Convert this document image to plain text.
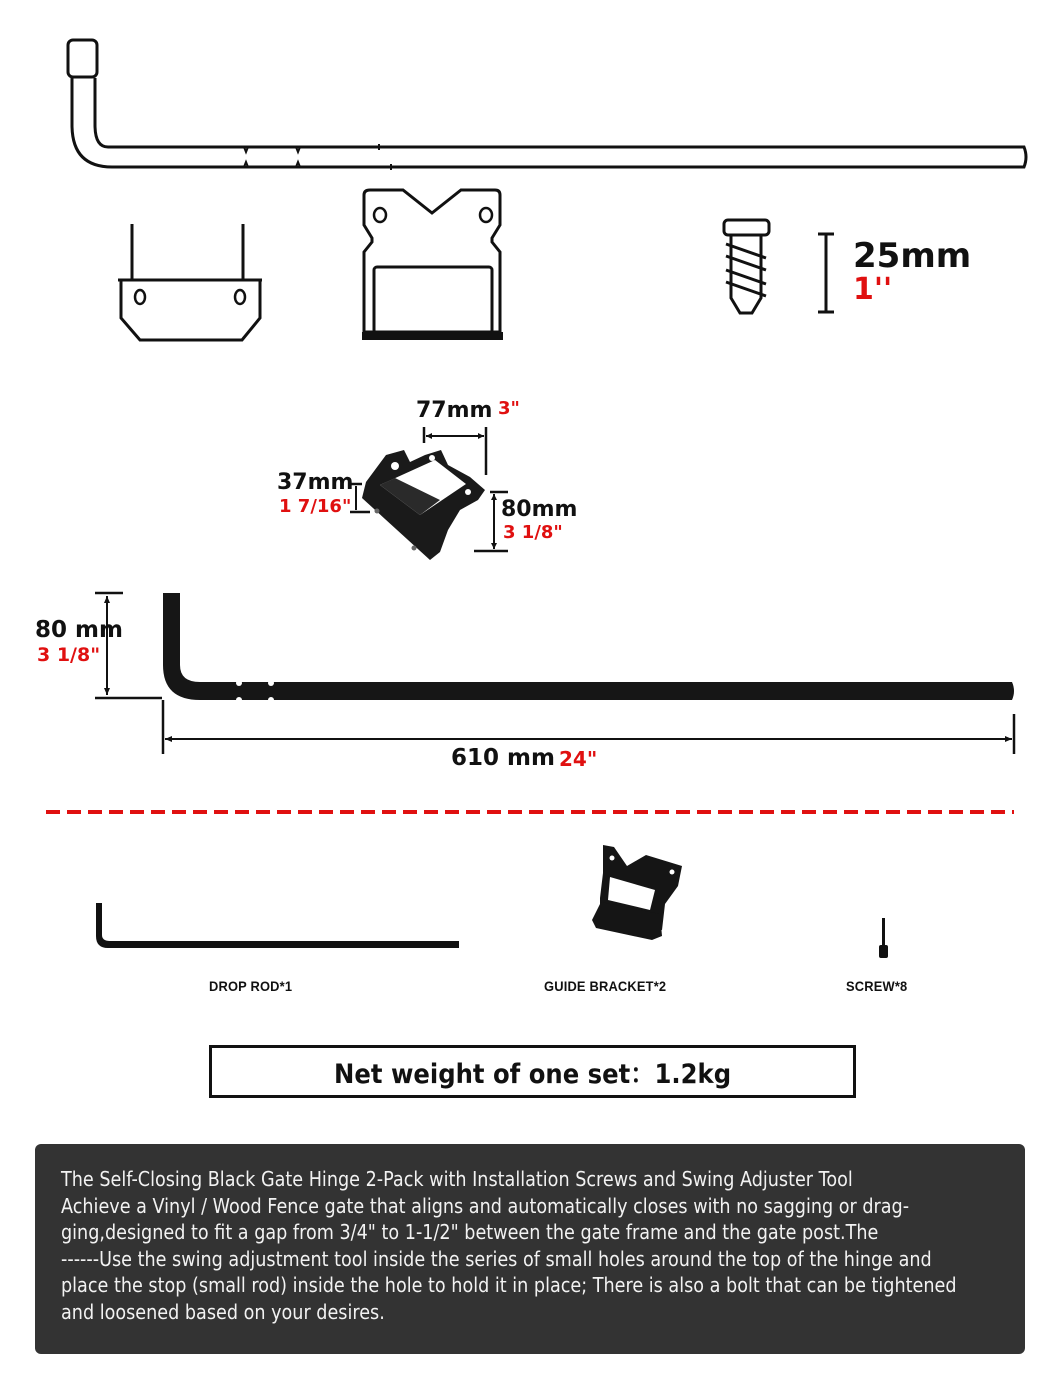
25mm
1''
77mm 3"
37mm
1 7/16"	80mm
3 1/8"
80 mm
3 1/8"
610 mm 24"
DROP ROD*1	GUIDE BRACKET*2	SCREW*8
Net weight of one set：1.2kg
The Self-Closing Black Gate Hinge 2-Pack with Installation Screws and Swing Adjuster Tool
Achieve a Vinyl / Wood Fence gate that aligns and automatically closes with no sagging or drag-
ging,designed to fit a gap from 3/4" to 1-1/2" between the gate frame and the gate post.The
------Use the swing adjustment tool inside the series of small holes around the top of the hinge and
place the stop (small rod) inside the hole to hold it in place; There is also a bolt that can be tightened
and loosened based on your desires.
